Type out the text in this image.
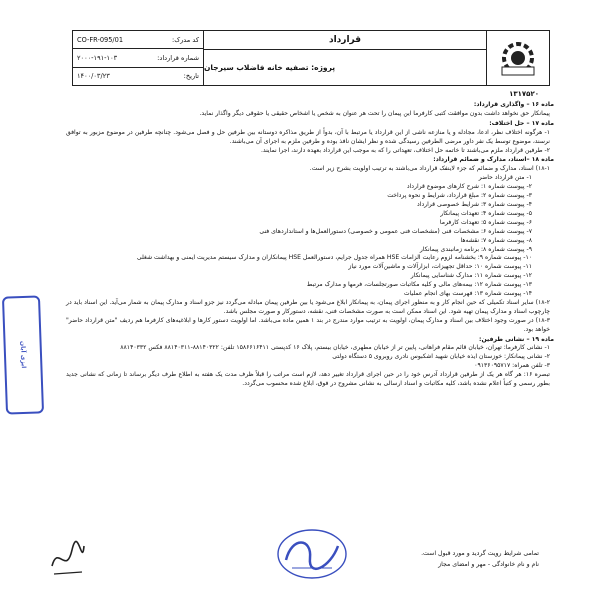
کد مدرک:
CO-FR-095/01
شماره قرارداد:
۲۰۰۰-۱۹۱-۱۰۳
تاریخ:
۱۴۰۰/۰۳/۲۳
قرارداد
پروژه: تصفیه خانه فاضلاب سیرجان
۱۳۱۷۵۲۰

ماده ۱۶ – واگذاری قرارداد:

پیمانکار حق نخواهد داشت بدون موافقت کتبی کارفرما این پیمان را تحت هر عنوان به شخص یا اشخاص حقیقی یا حقوقی دیگر واگذار نماید.

ماده ۱۷ – حل اختلاف:

۱- هرگونه اختلاف نظر، ادعا، مجادله و یا منازعه ناشی از این قرارداد یا مرتبط با آن، بدواً از طریق مذاکره دوستانه بین طرفین حل و فصل می‌شود. چنانچه طرفین در موضوع مزبور به توافق نرسند، موضوع توسط یک نفر داور مرضی الطرفین رسیدگی شده و نظر ایشان نافذ بوده و طرفین ملزم به اجرای آن می‌باشند.

۲- طرفین قرارداد ملزم می‌باشند تا خاتمه حل اختلاف، تعهداتی را که به موجب این قرارداد بعهده دارند، اجرا نمایند.

ماده ۱۸ –اسناد، مدارک و ضمائم قرارداد:

۱۸-۱) اسناد، مدارک و ضمائم که جزء لاینفک قرارداد می‌باشند به ترتیب اولویت بشرح زیر است.

۱- متن قرارداد حاضر

۲- پیوست شماره ۱: شرح کارهای موضوع قرارداد

۳- پیوست شماره ۲: مبلغ قرارداد، شرایط و نحوه پرداخت

۴- پیوست شماره ۳: شرایط خصوصی قرارداد

۵- پیوست شماره ۴: تعهدات پیمانکار

۶- پیوست شماره ۵: تعهدات کارفرما

۷- پیوست شماره ۶: مشخصات فنی (مشخصات فنی عمومی و خصوصی) دستورالعمل‌ها و استانداردهای فنی

۸- پیوست شماره ۷: نقشه‌ها

۹- پیوست شماره ۸: برنامه زمانبندی پیمانکار

۱۰- پیوست شماره ۹: بخشنامه لزوم رعایت الزامات HSE همراه جدول جرایم، دستورالعمل HSE پیمانکاران و مدارک سیستم مدیریت ایمنی و بهداشت شغلی

۱۱- پیوست شماره ۱۰: حداقل تجهیزات، ابزارآلات و ماشین‌آلات مورد نیاز

۱۲- پیوست شماره ۱۱: مدارک شناسایی پیمانکار

۱۳- پیوست شماره ۱۲: بیمه‌های مالی و کلیه مکاتبات صورتجلسات، فرمها و مدارک مرتبط

۱۴- پیوست شماره ۱۳: فهرست بهای انجام عملیات

۱۸-۲) سایر اسناد تکمیلی که حین انجام کار و به منظور اجرای پیمان، به پیمانکار ابلاغ می‌شود یا بین طرفین پیمان مبادله می‌گردد نیز جزو اسناد و مدارک پیمان به شمار می‌آید. این اسناد باید در چارچوب اسناد و مدارک پیمان تهیه شود. این اسناد ممکن است به صورت مشخصات فنی، نقشه، دستورکار و صورت مجلس باشد.

۱۸-۳) در صورت وجود اختلاف بین اسناد و مدارک پیمان، اولویت به ترتیب موارد مندرج در بند ۱ همین ماده می‌باشد. اما اولویت دستور کارها و ابلاغیه‌های کارفرما هم ردیف "متن قرارداد حاضر" خواهد بود.

ماده ۱۹ – نشانی طرفین:

۱- نشانی کارفرما: تهران، خیابان قائم مقام فراهانی، پایین تر از خیابان مطهری، خیابان بیستم، پلاک ۱۶ کدپستی ۱۵۸۶۶۱۶۴۱۱ تلفن: ۸۸۱۴۰۳۲۲-۸۸۱۴۰۳۱۱ فکس ۸۸۱۴۰۳۳۲

۲- نشانی پیمانکار: خوزستان ایذه خیابان شهید اشکبوس نادری روبروی ۵ دستگاه دولتی

۳- تلفن همراه: ۰۹۱۳۶۰۹۵۷۱۷

تبصره ۱۶: هر گاه هر یک از طرفین قرارداد آدرس خود را در حین اجرای قرارداد تغییر دهد، لازم است مراتب را قبلاً ظرف مدت یک هفته به اطلاع طرف دیگر برساند تا زمانی که نشانی جدید بطور رسمی و کتباً اعلام نشده باشد، کلیه مکاتبات و اسناد ارسالی به نشانی مشروح در فوق، ابلاغ شده محسوب می‌گردد.

ایزی آبان
تمامی شرایط رویت گردید و مورد قبول است.
نام و نام خانوادگی - مهر و امضای مجاز
